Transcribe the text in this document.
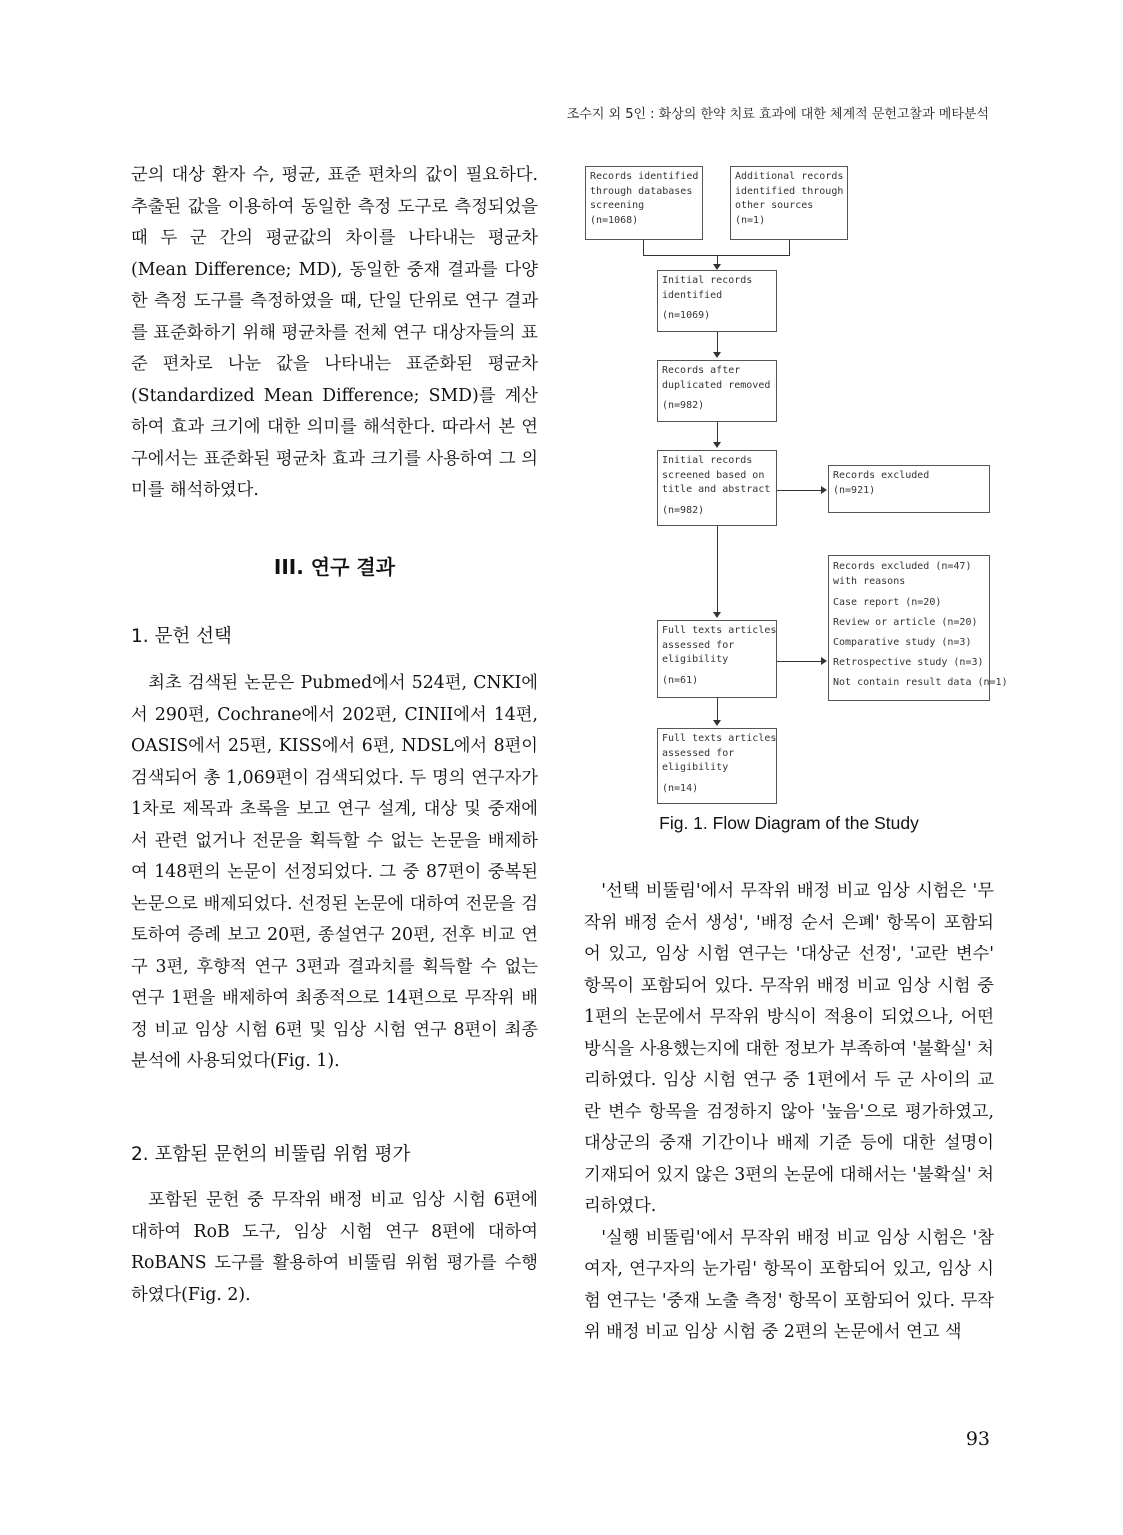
조수지 외 5인 : 화상의 한약 치료 효과에 대한 체계적 문헌고찰과 메타분석

군의 대상 환자 수, 평균, 표준 편차의 값이 필요하다. 추출된 값을 이용하여 동일한 측정 도구로 측정되었을 때 두 군 간의 평균값의 차이를 나타내는 평균차(Mean Difference; MD), 동일한 중재 결과를 다양한 측정 도구를 측정하였을 때, 단일 단위로 연구 결과를 표준화하기 위해 평균차를 전체 연구 대상자들의 표준 편차로 나눈 값을 나타내는 표준화된 평균차(Standardized Mean Difference; SMD)를 계산하여 효과 크기에 대한 의미를 해석한다. 따라서 본 연구에서는 표준화된 평균차 효과 크기를 사용하여 그 의미를 해석하였다.

III. 연구 결과
1. 문헌 선택

최초 검색된 논문은 Pubmed에서 524편, CNKI에서 290편, Cochrane에서 202편, CINII에서 14편, OASIS에서 25편, KISS에서 6편, NDSL에서 8편이 검색되어 총 1,069편이 검색되었다. 두 명의 연구자가 1차로 제목과 초록을 보고 연구 설계, 대상 및 중재에서 관련 없거나 전문을 획득할 수 없는 논문을 배제하여 148편의 논문이 선정되었다. 그 중 87편이 중복된 논문으로 배제되었다. 선정된 논문에 대하여 전문을 검토하여 증례 보고 20편, 종설연구 20편, 전후 비교 연구 3편, 후향적 연구 3편과 결과치를 획득할 수 없는 연구 1편을 배제하여 최종적으로 14편으로 무작위 배정 비교 임상 시험 6편 및 임상 시험 연구 8편이 최종 분석에 사용되었다(Fig. 1).

2. 포함된 문헌의 비뚤림 위험 평가

포함된 문헌 중 무작위 배정 비교 임상 시험 6편에 대하여 RoB 도구, 임상 시험 연구 8편에 대하여 RoBANS 도구를 활용하여 비뚤림 위험 평가를 수행하였다(Fig. 2).

Records identified
through databases
screening
(n=1068)
Additional records
identified through
other sources
(n=1)
Initial records
identified
(n=1069)
Records after
duplicated removed
(n=982)
Initial records
screened based on
title and abstract
(n=982)
Records excluded
(n=921)
Full texts articles
assessed for
eligibility
(n=61)
Records excluded (n=47)
with reasons
Case report (n=20)
Review or article (n=20)
Comparative study (n=3)
Retrospective study (n=3)
Not contain result data (n=1)
Full texts articles
assessed for
eligibility
(n=14)
Fig. 1. Flow Diagram of the Study

'선택 비뚤림'에서 무작위 배정 비교 임상 시험은 '무작위 배정 순서 생성', '배정 순서 은폐' 항목이 포함되어 있고, 임상 시험 연구는 '대상군 선정', '교란 변수' 항목이 포함되어 있다. 무작위 배정 비교 임상 시험 중 1편의 논문에서 무작위 방식이 적용이 되었으나, 어떤 방식을 사용했는지에 대한 정보가 부족하여 '불확실' 처리하였다. 임상 시험 연구 중 1편에서 두 군 사이의 교란 변수 항목을 검정하지 않아 '높음'으로 평가하였고, 대상군의 중재 기간이나 배제 기준 등에 대한 설명이 기재되어 있지 않은 3편의 논문에 대해서는 '불확실' 처리하였다.

'실행 비뚤림'에서 무작위 배정 비교 임상 시험은 '참여자, 연구자의 눈가림' 항목이 포함되어 있고, 임상 시험 연구는 '중재 노출 측정' 항목이 포함되어 있다. 무작위 배정 비교 임상 시험 중 2편의 논문에서 연고 색

93
